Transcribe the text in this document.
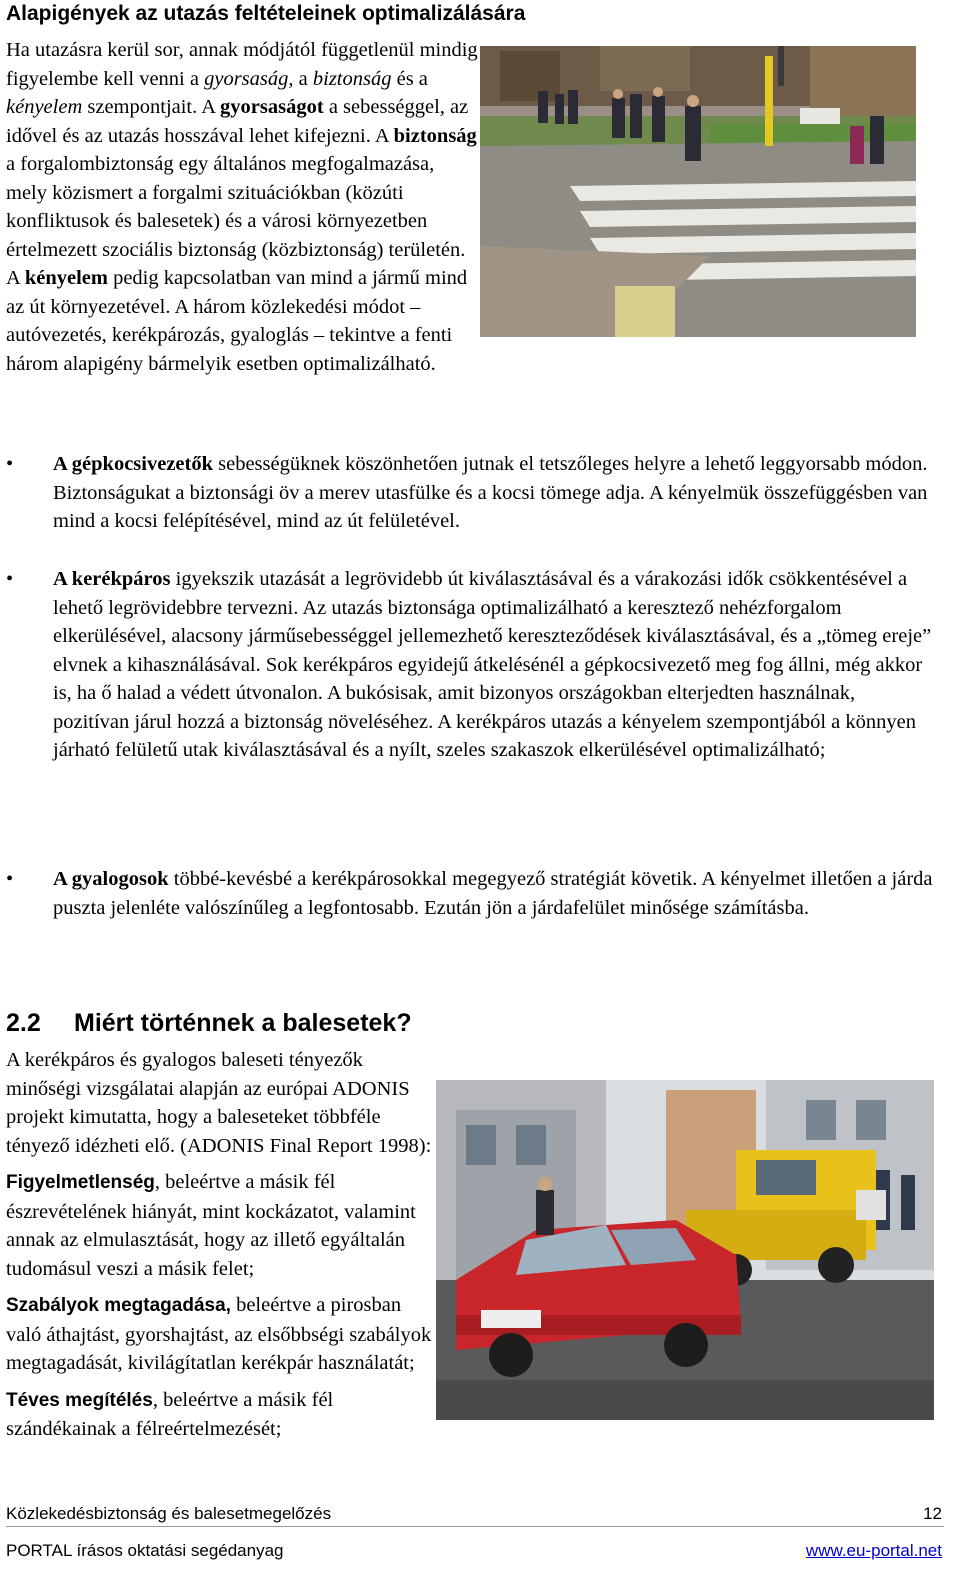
Alapigények az utazás feltételeinek optimalizálására

Ha utazásra kerül sor, annak módjától függetlenül mindig figyelembe kell venni a gyorsaság, a biztonság és a kényelem szempontjait. A gyorsaságot a sebességgel, az idővel és az utazás hosszával lehet kifejezni. A biztonság a forgalombiztonság egy általános megfogalmazása, mely közismert a forgalmi szituációkban (közúti konfliktusok és balesetek) és a városi környezetben értelmezett szociális biztonság (közbiztonság) területén. A kényelem pedig kapcsolatban van mind a jármű mind az út környezetével. A három közlekedési módot – autóvezetés, kerékpározás, gyaloglás – tekintve a fenti három alapigény bármelyik esetben optimalizálható.

•	A gépkocsivezetők sebességüknek köszönhetően jutnak el tetszőleges helyre a lehető leggyorsabb módon. Biztonságukat a biztonsági öv a merev utasfülke és a kocsi tömege adja. A kényelmük összefüggésben van mind a kocsi felépítésével, mind az út felületével.
•	A kerékpáros igyekszik utazását a legrövidebb út kiválasztásával és a várakozási idők csökkentésével a lehető legrövidebbre tervezni. Az utazás biztonsága optimalizálható a keresztező nehézforgalom elkerülésével, alacsony járműsebességgel jellemezhető kereszteződések kiválasztásával, és a „tömeg ereje” elvnek a kihasználásával. Sok kerékpáros egyidejű átkelésénél a gépkocsivezető meg fog állni, még akkor is, ha ő halad a védett útvonalon. A bukósisak, amit bizonyos országokban elterjedten használnak, pozitívan járul hozzá a biztonság növeléséhez. A kerékpáros utazás a kényelem szempontjából a könnyen járható felületű utak kiválasztásával és a nyílt, szeles szakaszok elkerülésével optimalizálható;
•	A gyalogosok többé-kevésbé a kerékpárosokkal megegyező stratégiát követik. A kényelmet illetően a járda puszta jelenléte valószínűleg a legfontosabb. Ezután jön a járdafelület minősége számításba.
2.2 Miért történnek a balesetek?

A kerékpáros és gyalogos baleseti tényezők minőségi vizsgálatai alapján az európai ADONIS projekt kimutatta, hogy a baleseteket többféle tényező idézheti elő. (ADONIS Final Report 1998):

Figyelmetlenség, beleértve a másik fél észrevételének hiányát, mint kockázatot, valamint annak az elmulasztását, hogy az illető egyáltalán tudomásul veszi a másik felet;

Szabályok megtagadása, beleértve a pirosban való áthajtást, gyorshajtást, az elsőbbségi szabályok megtagadását, kivilágítatlan kerékpár használatát;

Téves megítélés, beleértve a másik fél szándékainak a félreértelmezését;

Közlekedésbiztonság és balesetmegelőzés	12
PORTAL írásos oktatási segédanyag	www.eu-portal.net
